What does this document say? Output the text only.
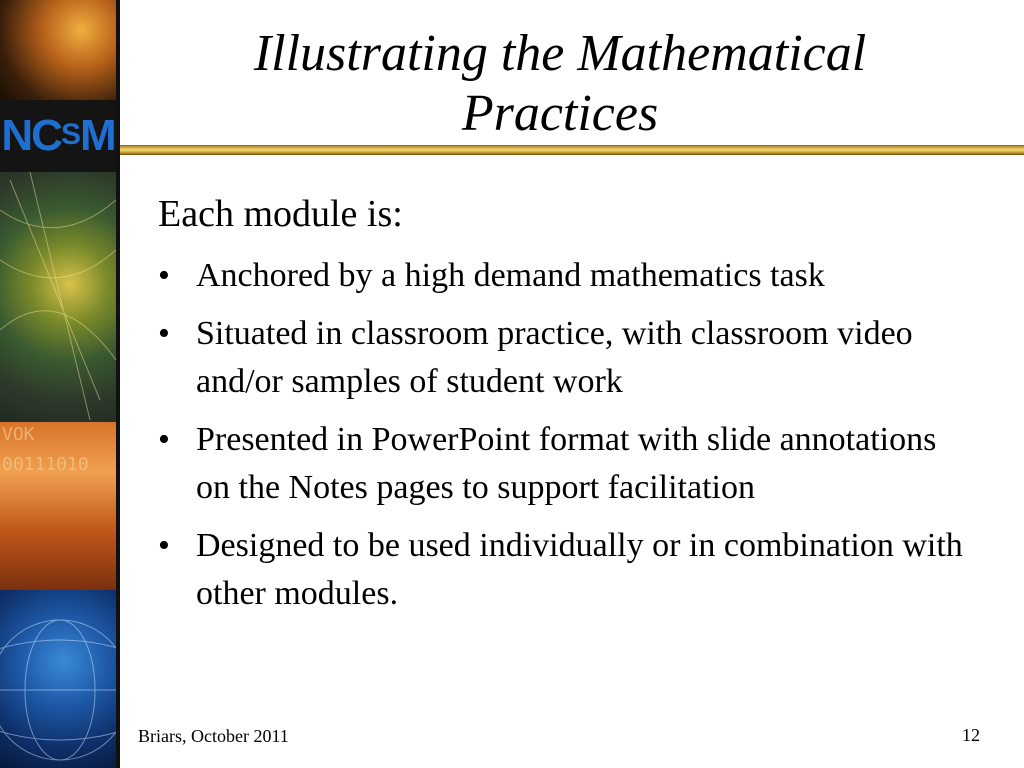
VOK
00111010
NCSM
Illustrating the Mathematical Practices

Each module is:

• Anchored by a high demand mathematics task
• Situated in classroom practice, with classroom video and/or samples of student work
• Presented in PowerPoint format with slide annotations on the Notes pages to support facilitation
• Designed to be used individually or in combination with other modules.
Briars, October 2011	12
